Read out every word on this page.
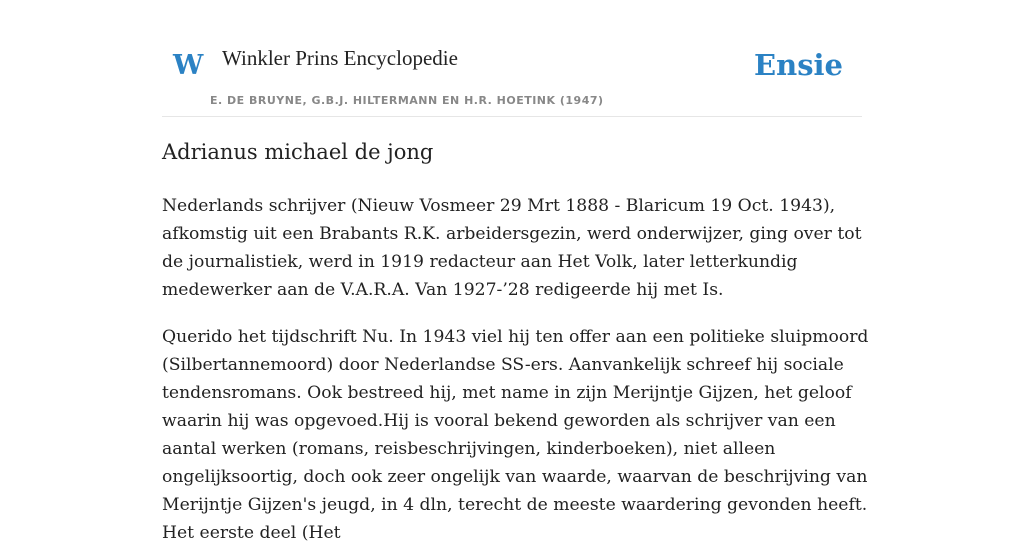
W Winkler Prins Encyclopedie
E. DE BRUYNE, G.B.J. HILTERMANN EN H.R. HOETINK (1947)
Ensie
Adrianus michael de jong

Nederlands schrijver (Nieuw Vosmeer 29 Mrt 1888 - Blaricum 19 Oct. 1943), afkomstig uit een Brabants R.K. arbeidersgezin, werd onderwijzer, ging over tot de journalistiek, werd in 1919 redacteur aan Het Volk, later letterkundig medewerker aan de V.A.R.A. Van 1927-’28 redigeerde hij met Is.

Querido het tijdschrift Nu. In 1943 viel hij ten offer aan een politieke sluipmoord (Silbertannemoord) door Nederlandse SS-ers. Aanvankelijk schreef hij sociale tendensromans. Ook bestreed hij, met name in zijn Merijntje Gijzen, het geloof waarin hij was opgevoed.Hij is vooral bekend geworden als schrijver van een aantal werken (romans, reisbeschrijvingen, kinderboeken), niet alleen ongelijksoortig, doch ook zeer ongelijk van waarde, waarvan de beschrijving van Merijntje Gijzen's jeugd, in 4 dln, terecht de meeste waardering gevonden heeft. Het eerste deel (Het
